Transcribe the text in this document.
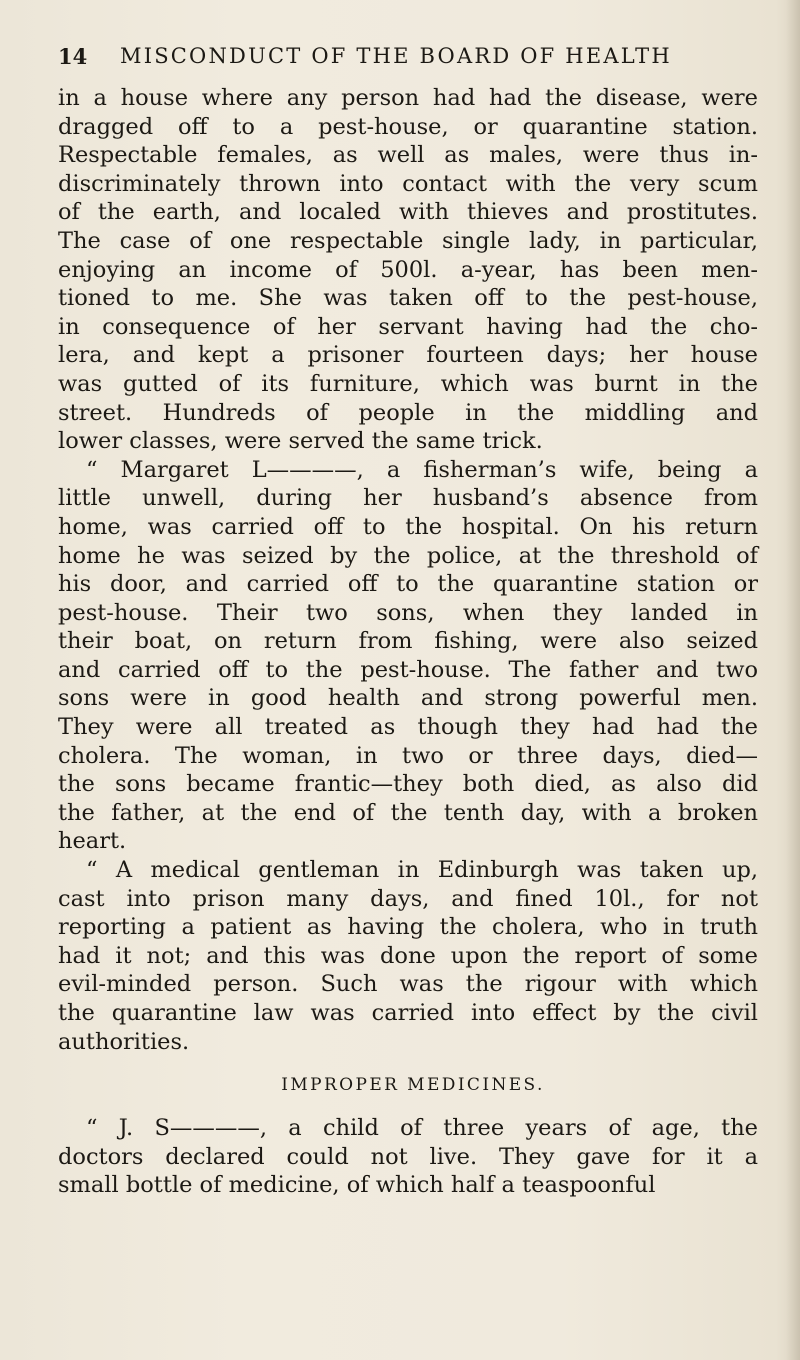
14 MISCONDUCT OF THE BOARD OF HEALTH
in a house where any person had had the disease, were
dragged off to a pest-house, or quarantine station.
Respectable females, as well as males, were thus in-
discriminately thrown into contact with the very scum
of the earth, and localed with thieves and prostitutes.
The case of one respectable single lady, in particular,
enjoying an income of 500l. a-year, has been men-
tioned to me. She was taken off to the pest-house,
in consequence of her servant having had the cho-
lera, and kept a prisoner fourteen days; her house
was gutted of its furniture, which was burnt in the
street. Hundreds of people in the middling and
lower classes, were served the same trick.
“ Margaret L————, a fisherman’s wife, being a
little unwell, during her husband’s absence from
home, was carried off to the hospital. On his return
home he was seized by the police, at the threshold of
his door, and carried off to the quarantine station or
pest-house. Their two sons, when they landed in
their boat, on return from fishing, were also seized
and carried off to the pest-house. The father and two
sons were in good health and strong powerful men.
They were all treated as though they had had the
cholera. The woman, in two or three days, died—
the sons became frantic—they both died, as also did
the father, at the end of the tenth day, with a broken
heart.
“ A medical gentleman in Edinburgh was taken up,
cast into prison many days, and fined 10l., for not
reporting a patient as having the cholera, who in truth
had it not; and this was done upon the report of some
evil-minded person. Such was the rigour with which
the quarantine law was carried into effect by the civil
authorities.
IMPROPER MEDICINES.
“ J. S————, a child of three years of age, the
doctors declared could not live. They gave for it a
small bottle of medicine, of which half a teaspoonful
